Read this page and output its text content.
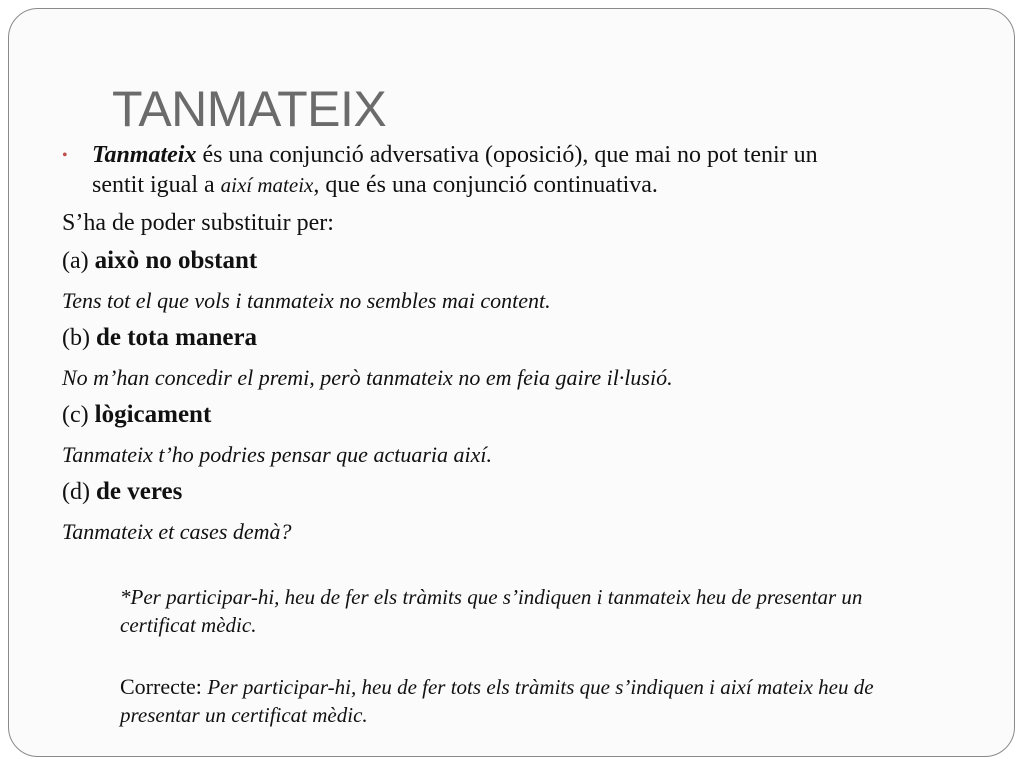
TANMATEIX
• Tanmateix és una conjunció adversativa (oposició), que mai no pot tenir un
sentit igual a així mateix, que és una conjunció continuativa.
S’ha de poder substituir per:
(a) això no obstant
Tens tot el que vols i tanmateix no sembles mai content.
(b) de tota manera
No m’han concedir el premi, però tanmateix no em feia gaire il·lusió.
(c) lògicament
Tanmateix t’ho podries pensar que actuaria així.
(d) de veres
Tanmateix et cases demà?
*Per participar-hi, heu de fer els tràmits que s’indiquen i tanmateix heu de presentar un
certificat mèdic.
Correcte: Per participar-hi, heu de fer tots els tràmits que s’indiquen i així mateix heu de
presentar un certificat mèdic.
